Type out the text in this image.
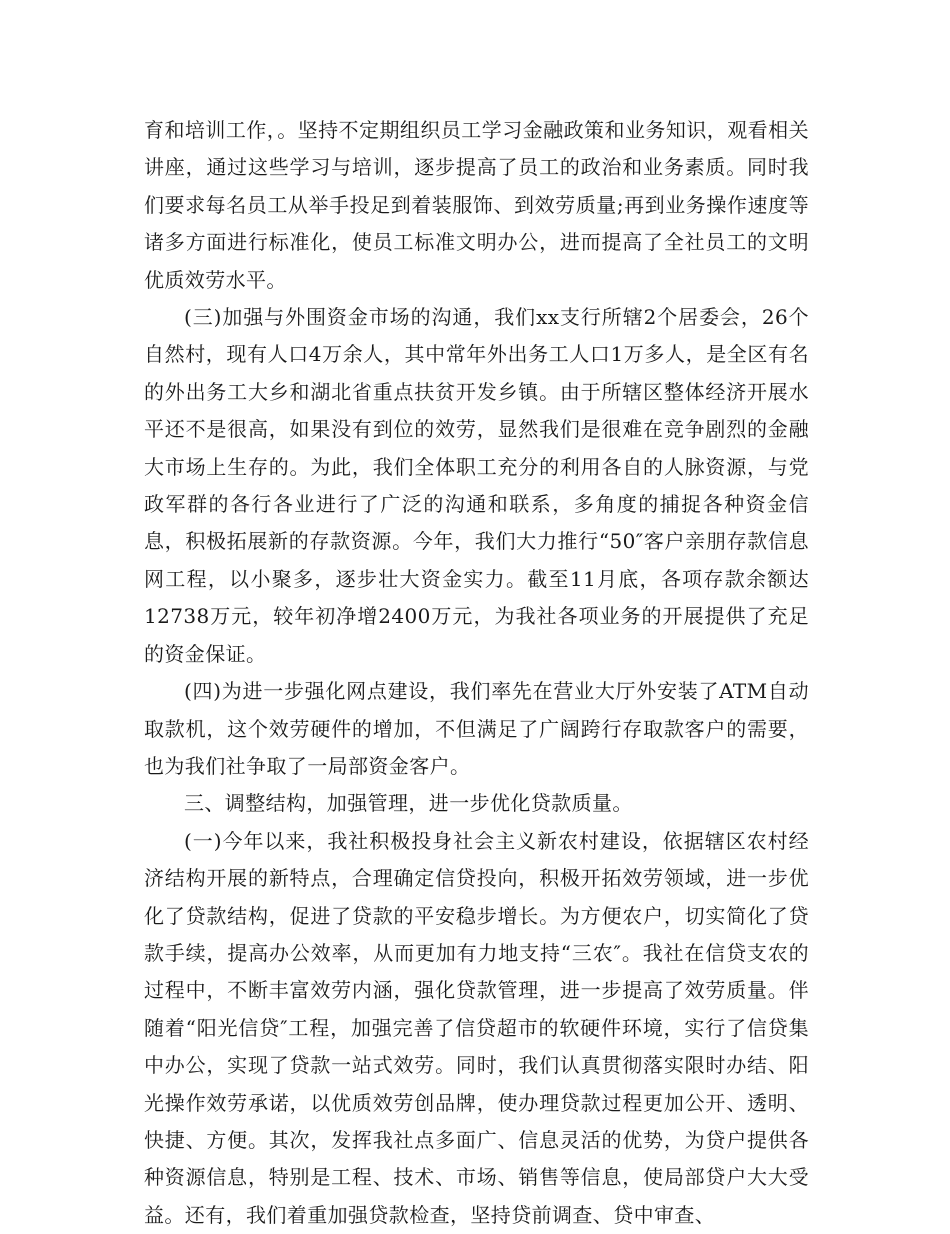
育和培训工作，。坚持不定期组织员工学习金融政策和业务知识，观看相关讲座，通过这些学习与培训，逐步提高了员工的政治和业务素质。同时我们要求每名员工从举手投足到着装服饰、到效劳质量;再到业务操作速度等诸多方面进行标准化，使员工标准文明办公，进而提高了全社员工的文明优质效劳水平。

(三)加强与外围资金市场的沟通，我们xx支行所辖2个居委会，26个自然村，现有人口4万余人，其中常年外出务工人口1万多人，是全区有名的外出务工大乡和湖北省重点扶贫开发乡镇。由于所辖区整体经济开展水平还不是很高，如果没有到位的效劳，显然我们是很难在竞争剧烈的金融大市场上生存的。为此，我们全体职工充分的利用各自的人脉资源，与党政军群的各行各业进行了广泛的沟通和联系，多角度的捕捉各种资金信息，积极拓展新的存款资源。今年，我们大力推行“50″客户亲朋存款信息网工程，以小聚多，逐步壮大资金实力。截至11月底，各项存款余额达12738万元，较年初净增2400万元，为我社各项业务的开展提供了充足的资金保证。

(四)为进一步强化网点建设，我们率先在营业大厅外安装了ATM自动取款机，这个效劳硬件的增加，不但满足了广阔跨行存取款客户的需要，也为我们社争取了一局部资金客户。

三、调整结构，加强管理，进一步优化贷款质量。

(一)今年以来，我社积极投身社会主义新农村建设，依据辖区农村经济结构开展的新特点，合理确定信贷投向，积极开拓效劳领域，进一步优化了贷款结构，促进了贷款的平安稳步增长。为方便农户，切实简化了贷款手续，提高办公效率，从而更加有力地支持“三农″。我社在信贷支农的过程中，不断丰富效劳内涵，强化贷款管理，进一步提高了效劳质量。伴随着“阳光信贷″工程，加强完善了信贷超市的软硬件环境，实行了信贷集中办公，实现了贷款一站式效劳。同时，我们认真贯彻落实限时办结、阳光操作效劳承诺，以优质效劳创品牌，使办理贷款过程更加公开、透明、快捷、方便。其次，发挥我社点多面广、信息灵活的优势，为贷户提供各种资源信息，特别是工程、技术、市场、销售等信息，使局部贷户大大受益。还有，我们着重加强贷款检查，坚持贷前调查、贷中审查、
